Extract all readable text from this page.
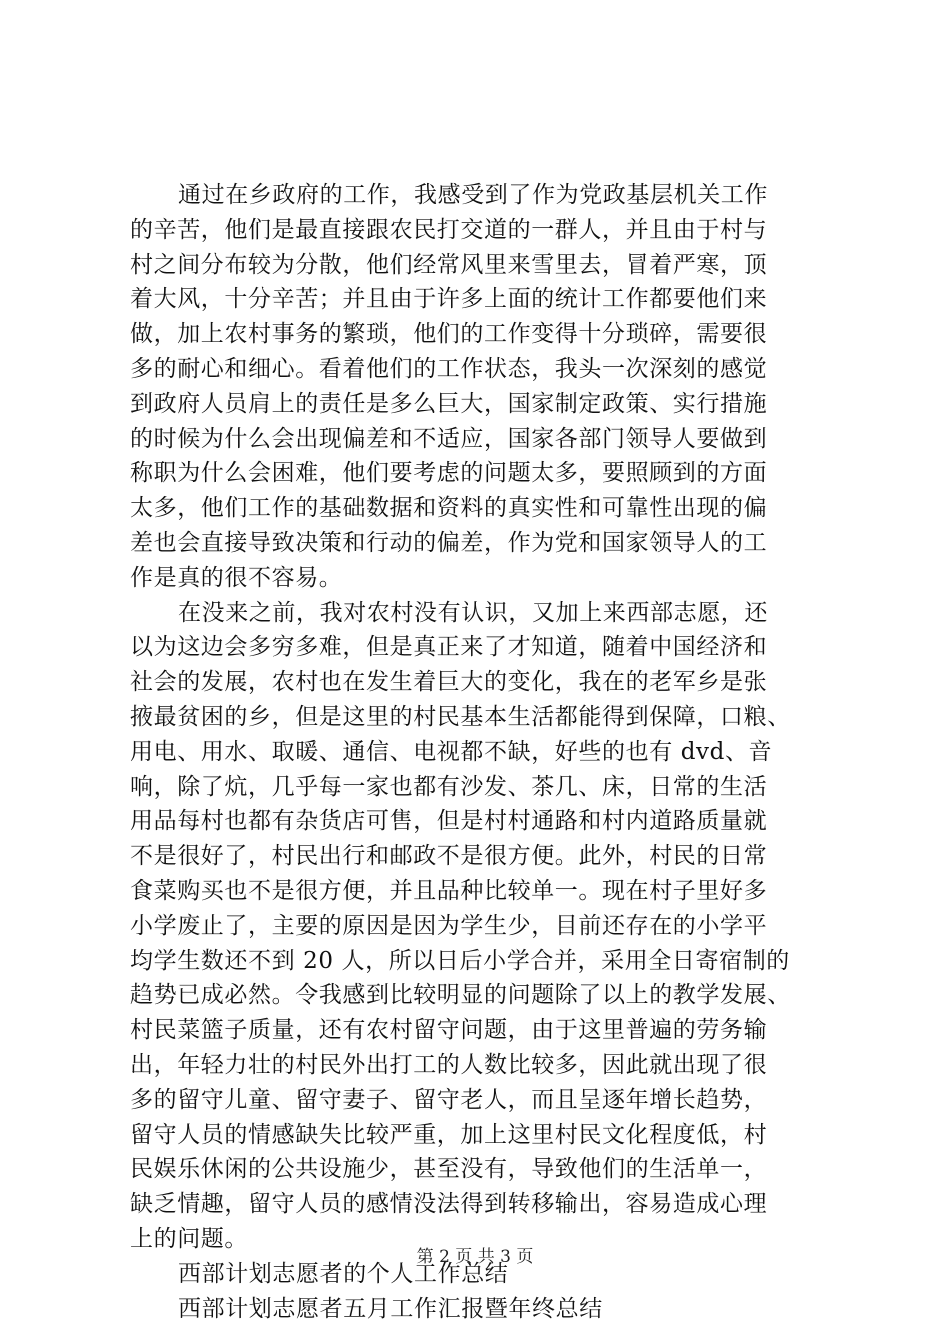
通过在乡政府的工作，我感受到了作为党政基层机关工作
的辛苦，他们是最直接跟农民打交道的一群人，并且由于村与
村之间分布较为分散，他们经常风里来雪里去，冒着严寒，顶
着大风，十分辛苦；并且由于许多上面的统计工作都要他们来
做，加上农村事务的繁琐，他们的工作变得十分琐碎，需要很
多的耐心和细心。看着他们的工作状态，我头一次深刻的感觉
到政府人员肩上的责任是多么巨大，国家制定政策、实行措施
的时候为什么会出现偏差和不适应，国家各部门领导人要做到
称职为什么会困难，他们要考虑的问题太多，要照顾到的方面
太多，他们工作的基础数据和资料的真实性和可靠性出现的偏
差也会直接导致决策和行动的偏差，作为党和国家领导人的工
作是真的很不容易。
在没来之前，我对农村没有认识，又加上来西部志愿，还
以为这边会多穷多难，但是真正来了才知道，随着中国经济和
社会的发展，农村也在发生着巨大的变化，我在的老军乡是张
掖最贫困的乡，但是这里的村民基本生活都能得到保障，口粮、
用电、用水、取暖、通信、电视都不缺，好些的也有 dvd、音
响，除了炕，几乎每一家也都有沙发、茶几、床，日常的生活
用品每村也都有杂货店可售，但是村村通路和村内道路质量就
不是很好了，村民出行和邮政不是很方便。此外，村民的日常
食菜购买也不是很方便，并且品种比较单一。现在村子里好多
小学废止了，主要的原因是因为学生少，目前还存在的小学平
均学生数还不到 20 人，所以日后小学合并，采用全日寄宿制的
趋势已成必然。令我感到比较明显的问题除了以上的教学发展、
村民菜篮子质量，还有农村留守问题，由于这里普遍的劳务输
出，年轻力壮的村民外出打工的人数比较多，因此就出现了很
多的留守儿童、留守妻子、留守老人，而且呈逐年增长趋势，
留守人员的情感缺失比较严重，加上这里村民文化程度低，村
民娱乐休闲的公共设施少，甚至没有，导致他们的生活单一，
缺乏情趣，留守人员的感情没法得到转移输出，容易造成心理
上的问题。
西部计划志愿者的个人工作总结
西部计划志愿者五月工作汇报暨年终总结
第 2 页 共 3 页
